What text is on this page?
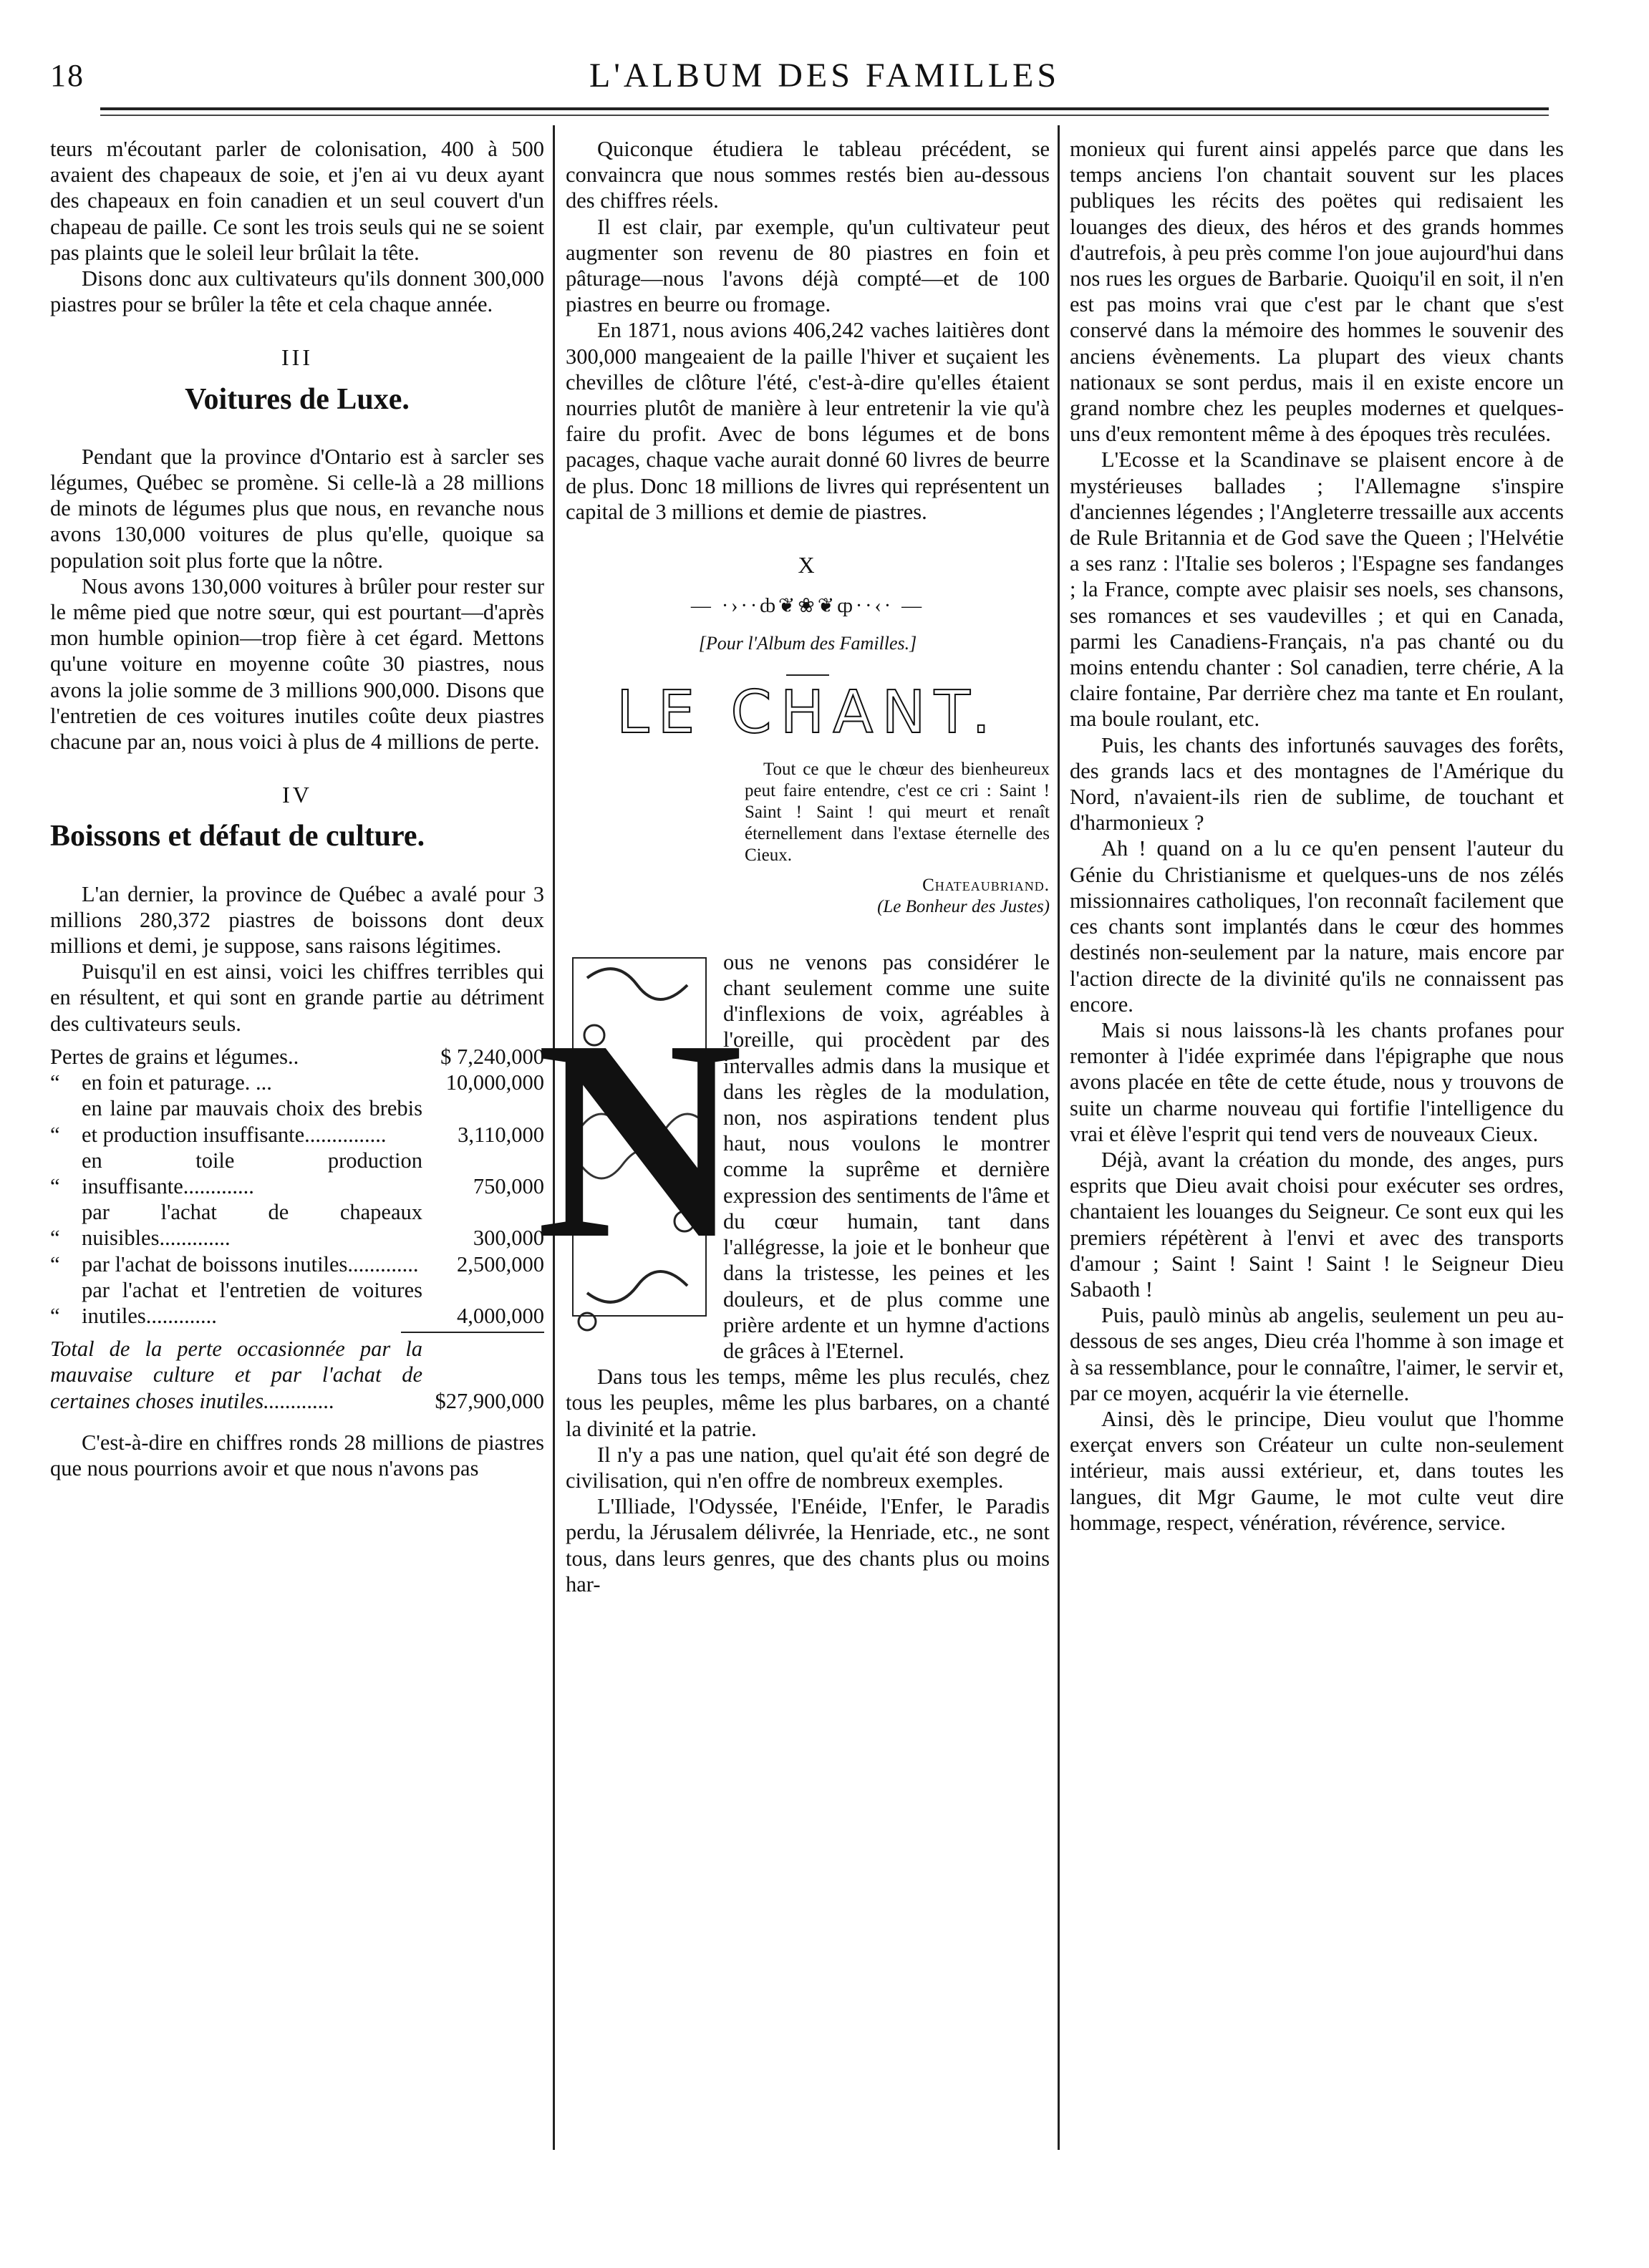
18	L'ALBUM DES FAMILLES

teurs m'écoutant parler de colonisation, 400 à 500 avaient des chapeaux de soie, et j'en ai vu deux ayant des chapeaux en foin canadien et un seul couvert d'un chapeau de paille. Ce sont les trois seuls qui ne se soient pas plaints que le soleil leur brûlait la tête.

Disons donc aux cultivateurs qu'ils donnent 300,000 piastres pour se brûler la tête et cela chaque année.

III
Voitures de Luxe.

Pendant que la province d'Ontario est à sarcler ses légumes, Québec se promène. Si celle-là a 28 millions de minots de légumes plus que nous, en revanche nous avons 130,000 voitures de plus qu'elle, quoique sa population soit plus forte que la nôtre.

Nous avons 130,000 voitures à brûler pour rester sur le même pied que notre sœur, qui est pourtant—d'après mon humble opinion—trop fière à cet égard. Mettons qu'une voiture en moyenne coûte 30 piastres, nous avons la jolie somme de 3 millions 900,000. Disons que l'entretien de ces voitures inutiles coûte deux piastres chacune par an, nous voici à plus de 4 millions de perte.

IV
Boissons et défaut de culture.

L'an dernier, la province de Québec a avalé pour 3 millions 280,372 piastres de boissons dont deux millions et demi, je suppose, sans raisons légitimes.

Puisqu'il en est ainsi, voici les chiffres terribles qui en résultent, et qui sont en grande partie au détriment des cultivateurs seuls.

Pertes de grains et légumes..	$ 7,240,000
“ en foin et paturage. ...	10,000,000
“
en laine par mauvais choix des brebis et production insuffisante...............	3,110,000
“
en toile production insuffisante.............	750,000
“
par l'achat de chapeaux nuisibles.............	300,000
“ par l'achat de boissons inutiles.............	2,500,000
“
par l'achat et l'entretien de voitures inutiles.............	4,000,000
Total de la perte occasionnée par la mauvaise culture et par l'achat de certaines choses inutiles.............	$27,900,000

C'est-à-dire en chiffres ronds 28 millions de piastres que nous pourrions avoir et que nous n'avons pas

Quiconque étudiera le tableau précédent, se convaincra que nous sommes restés bien au-dessous des chiffres réels.

Il est clair, par exemple, qu'un cultivateur peut augmenter son revenu de 80 piastres en foin et pâturage—nous l'avons déjà compté—et de 100 piastres en beurre ou fromage.

En 1871, nous avions 406,242 vaches laitières dont 300,000 mangeaient de la paille l'hiver et suçaient les chevilles de clôture l'été, c'est-à-dire qu'elles étaient nourries plutôt de manière à leur entretenir la vie qu'à faire du profit. Avec de bons légumes et de bons pacages, chaque vache aurait donné 60 livres de beurre de plus. Donc 18 millions de livres qui représentent un capital de 3 millions et demie de piastres.

X
— ·›··ȸ❦❀❦ȹ··‹· —
[Pour l'Album des Familles.]
LE CHANT.

Tout ce que le chœur des bienheureux peut faire entendre, c'est ce cri : Saint ! Saint ! Saint ! qui meurt et renaît éternellement dans l'extase éternelle des Cieux.

Chateaubriand.

(Le Bonheur des Justes)

N

ous ne venons pas considérer le chant seulement comme une suite d'inflexions de voix, agréables à l'oreille, qui procèdent par des intervalles admis dans la musique et dans les règles de la modulation, non, nos aspirations tendent plus haut, nous voulons le montrer comme la suprême et dernière expression des sentiments de l'âme et du cœur humain, tant dans l'allégresse, la joie et le bonheur que dans la tristesse, les peines et les douleurs, et de plus comme une prière ardente et un hymne d'actions de grâces à l'Eternel.

Dans tous les temps, même les plus reculés, chez tous les peuples, même les plus barbares, on a chanté la divinité et la patrie.

Il n'y a pas une nation, quel qu'ait été son degré de civilisation, qui n'en offre de nombreux exemples.

L'Illiade, l'Odyssée, l'Enéide, l'Enfer, le Paradis perdu, la Jérusalem délivrée, la Henriade, etc., ne sont tous, dans leurs genres, que des chants plus ou moins har-

monieux qui furent ainsi appelés parce que dans les temps anciens l'on chantait souvent sur les places publiques les récits des poëtes qui redisaient les louanges des dieux, des héros et des grands hommes d'autrefois, à peu près comme l'on joue aujourd'hui dans nos rues les orgues de Barbarie. Quoiqu'il en soit, il n'en est pas moins vrai que c'est par le chant que s'est conservé dans la mémoire des hommes le souvenir des anciens évènements. La plupart des vieux chants nationaux se sont perdus, mais il en existe encore un grand nombre chez les peuples modernes et quelques-uns d'eux remontent même à des époques très reculées.

L'Ecosse et la Scandinave se plaisent encore à de mystérieuses ballades ; l'Allemagne s'inspire d'anciennes légendes ; l'Angleterre tressaille aux accents de Rule Britannia et de God save the Queen ; l'Helvétie a ses ranz : l'Italie ses boleros ; l'Espagne ses fandanges ; la France, compte avec plaisir ses noels, ses chansons, ses romances et ses vaudevilles ; et qui en Canada, parmi les Canadiens-Français, n'a pas chanté ou du moins entendu chanter : Sol canadien, terre chérie, A la claire fontaine, Par derrière chez ma tante et En roulant, ma boule roulant, etc.

Puis, les chants des infortunés sauvages des forêts, des grands lacs et des montagnes de l'Amérique du Nord, n'avaient-ils rien de sublime, de touchant et d'harmonieux ?

Ah ! quand on a lu ce qu'en pensent l'auteur du Génie du Christianisme et quelques-uns de nos zélés missionnaires catholiques, l'on reconnaît facilement que ces chants sont implantés dans le cœur des hommes destinés non-seulement par la nature, mais encore par l'action directe de la divinité qu'ils ne connaissent pas encore.

Mais si nous laissons-là les chants profanes pour remonter à l'idée exprimée dans l'épigraphe que nous avons placée en tête de cette étude, nous y trouvons de suite un charme nouveau qui fortifie l'intelligence du vrai et élève l'esprit qui tend vers de nouveaux Cieux.

Déjà, avant la création du monde, des anges, purs esprits que Dieu avait choisi pour exécuter ses ordres, chantaient les louanges du Seigneur. Ce sont eux qui les premiers répétèrent à l'envi et avec des transports d'amour ; Saint ! Saint ! Saint ! le Seigneur Dieu Sabaoth !

Puis, paulò minùs ab angelis, seulement un peu au-dessous de ses anges, Dieu créa l'homme à son image et à sa ressemblance, pour le connaître, l'aimer, le servir et, par ce moyen, acquérir la vie éternelle.

Ainsi, dès le principe, Dieu voulut que l'homme exerçat envers son Créateur un culte non-seulement intérieur, mais aussi extérieur, et, dans toutes les langues, dit Mgr Gaume, le mot culte veut dire hommage, respect, vénération, révérence, service.
